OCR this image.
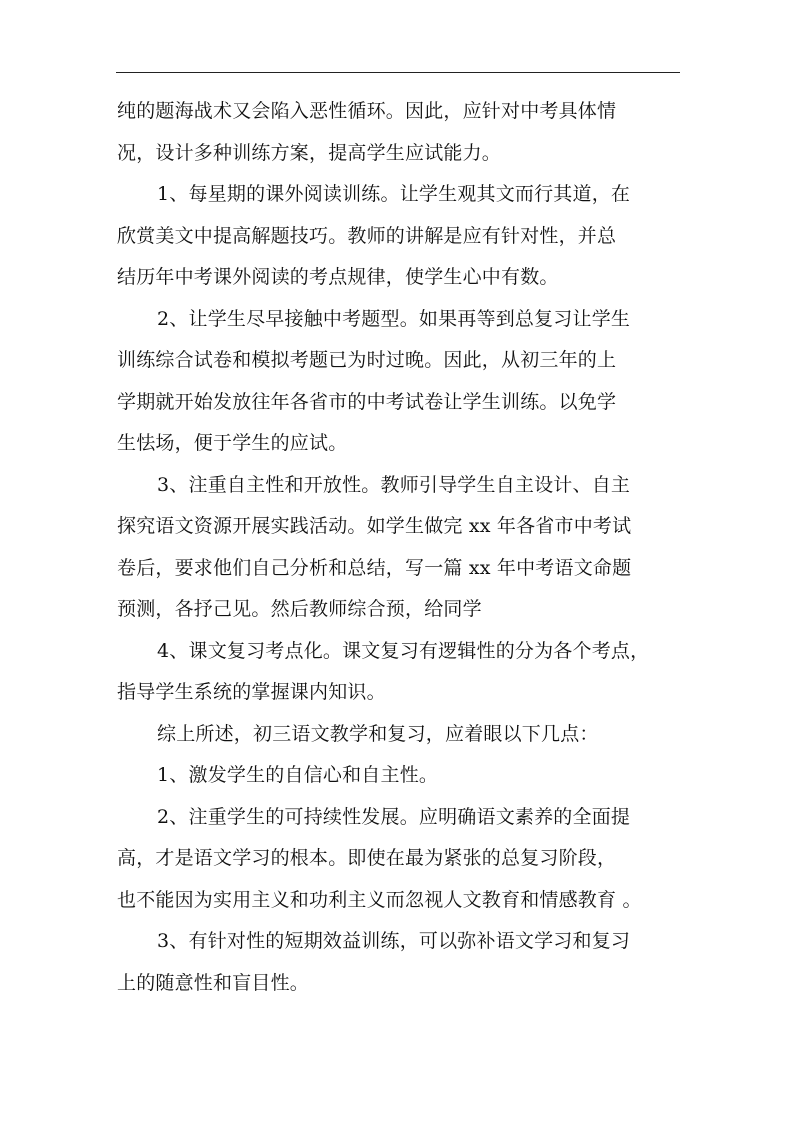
纯的题海战术又会陷入恶性循环。因此，应针对中考具体情
况，设计多种训练方案，提高学生应试能力。
1、每星期的课外阅读训练。让学生观其文而行其道，在
欣赏美文中提高解题技巧。教师的讲解是应有针对性，并总
结历年中考课外阅读的考点规律，使学生心中有数。
2、让学生尽早接触中考题型。如果再等到总复习让学生
训练综合试卷和模拟考题已为时过晚。因此，从初三年的上
学期就开始发放往年各省市的中考试卷让学生训练。以免学
生怯场，便于学生的应试。
3、注重自主性和开放性。教师引导学生自主设计、自主
探究语文资源开展实践活动。如学生做完 xx 年各省市中考试
卷后，要求他们自己分析和总结，写一篇 xx 年中考语文命题
预测，各抒己见。然后教师综合预，给同学
4、课文复习考点化。课文复习有逻辑性的分为各个考点，
指导学生系统的掌握课内知识。
综上所述，初三语文教学和复习，应着眼以下几点：
1、激发学生的自信心和自主性。
2、注重学生的可持续性发展。应明确语文素养的全面提
高，才是语文学习的根本。即使在最为紧张的总复习阶段，
也不能因为实用主义和功利主义而忽视人文教育和情感教育 。
3、有针对性的短期效益训练，可以弥补语文学习和复习
上的随意性和盲目性。
